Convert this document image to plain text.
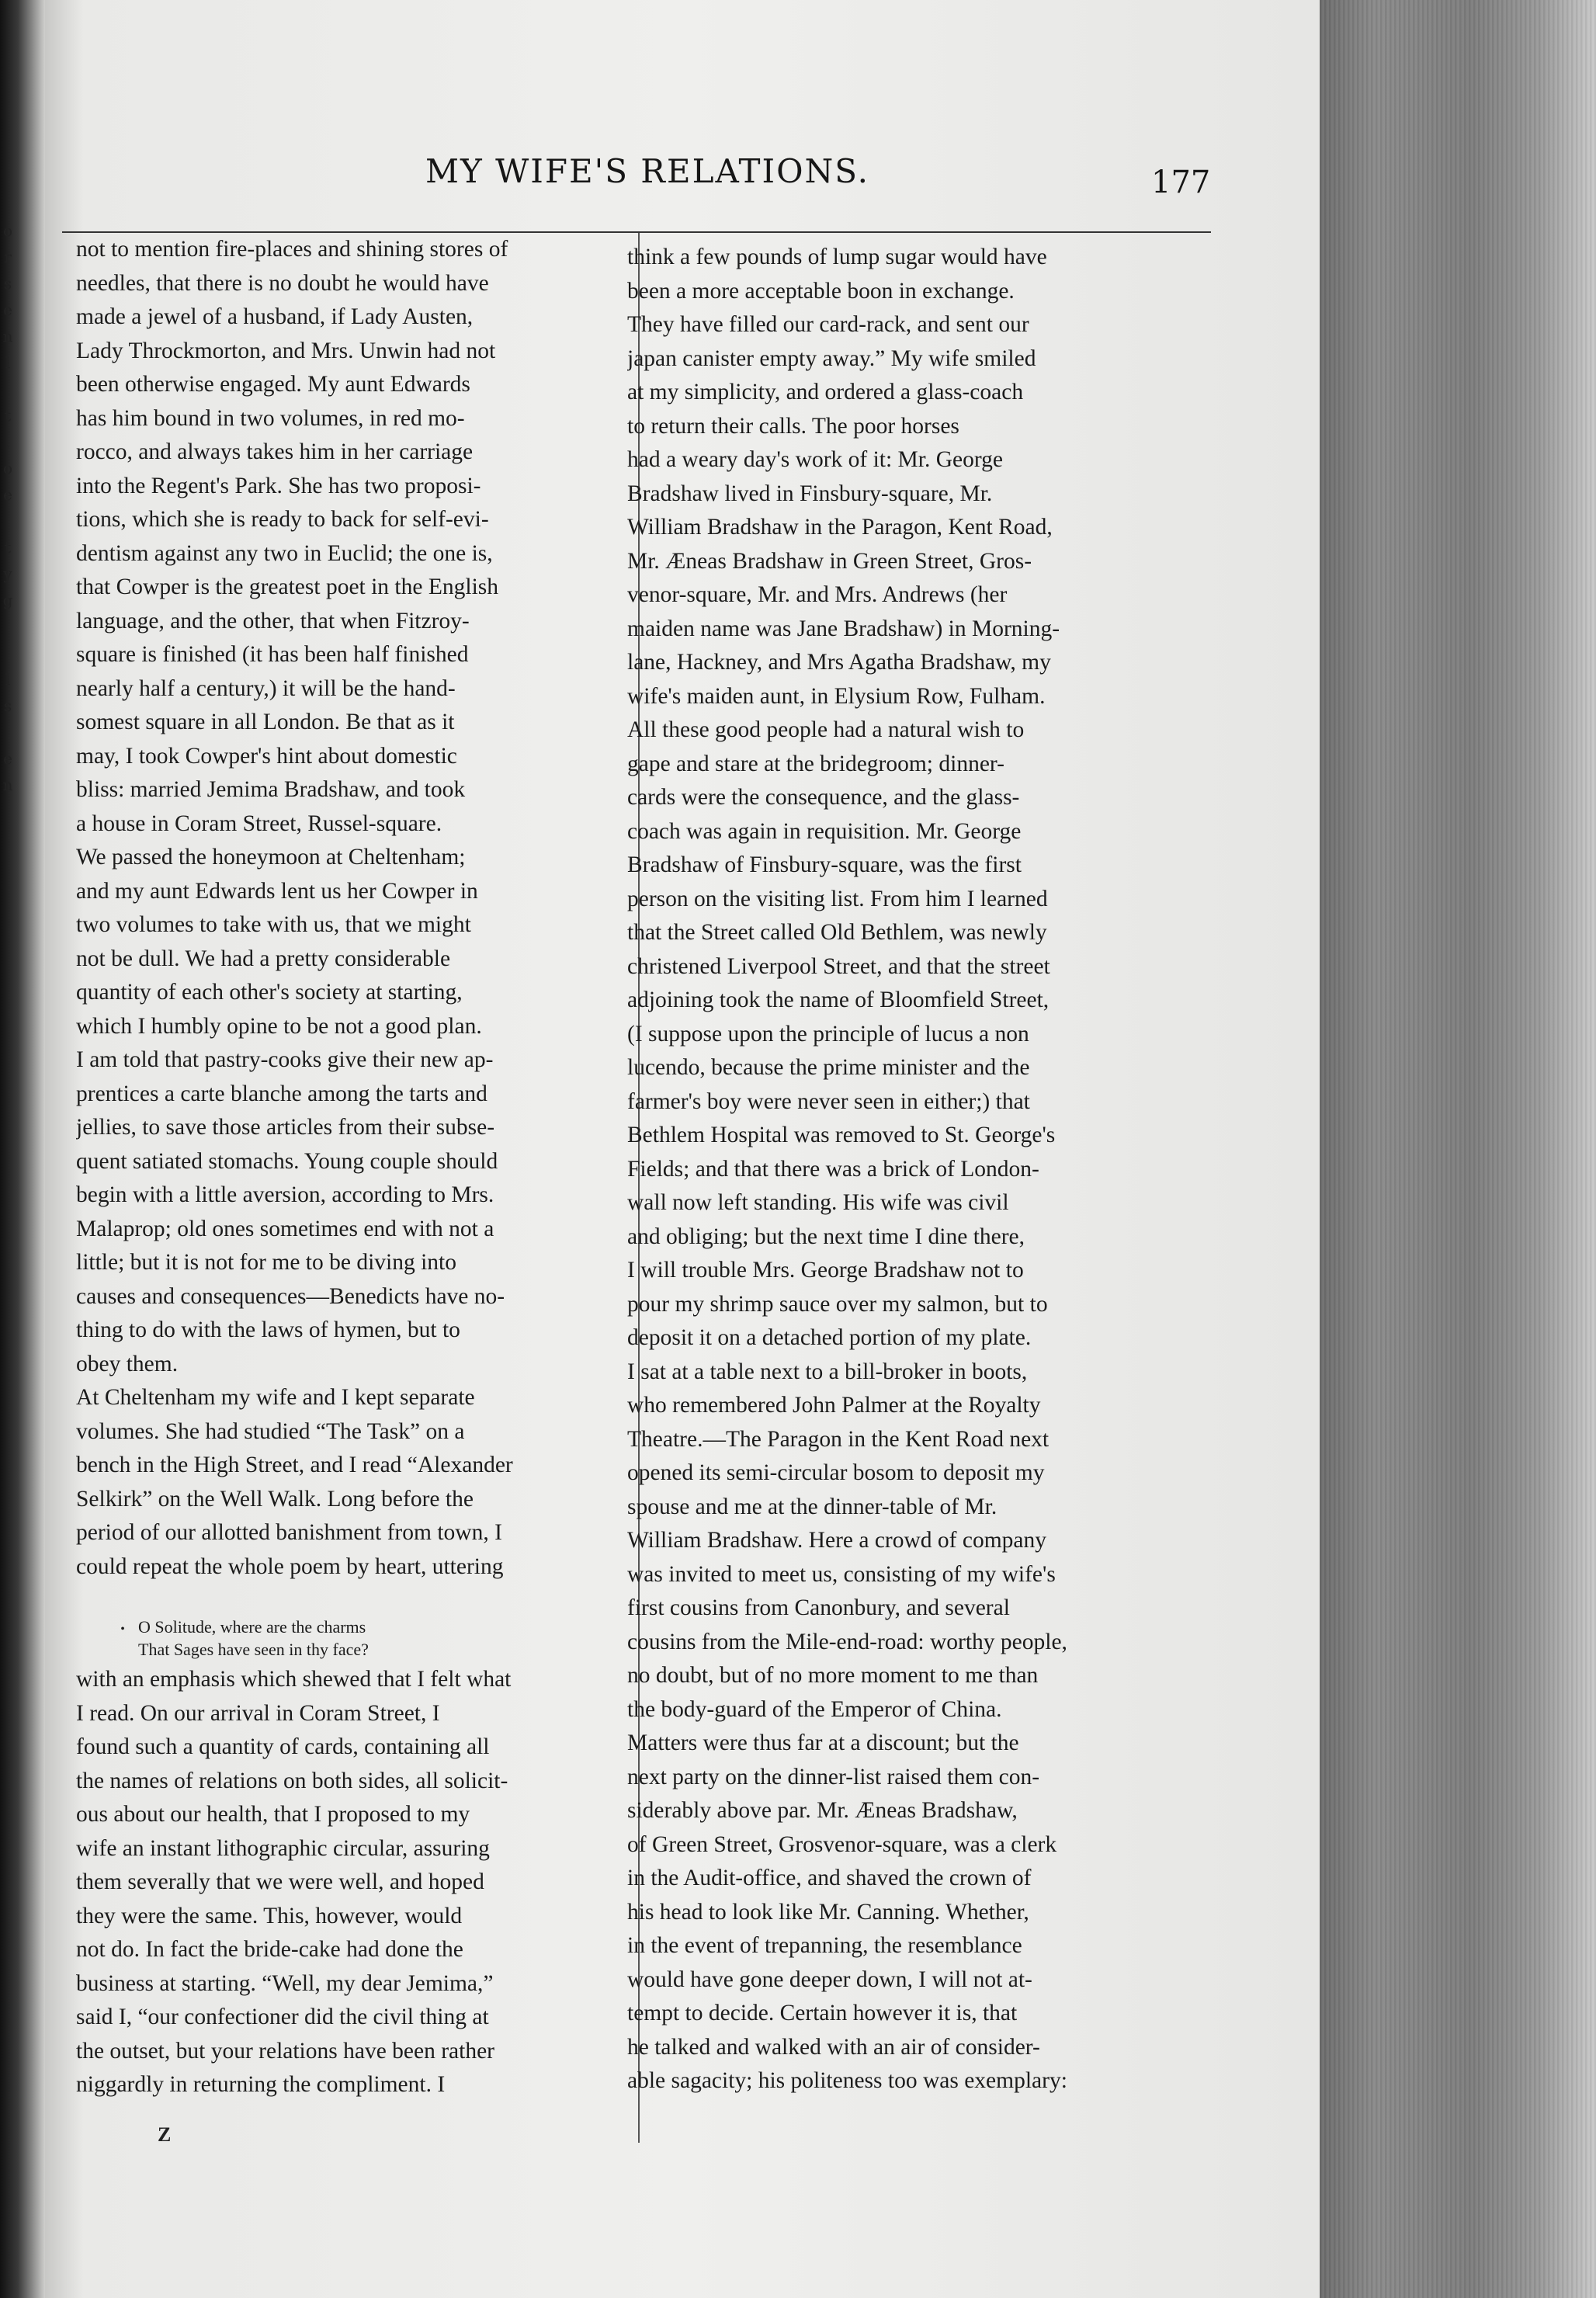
o
r
s
e
n
l
t
.
o
e
t
y
g
l
s
e
n
MY WIFE'S RELATIONS.	177
not to mention fire-places and shining stores of
needles, that there is no doubt he would have
made a jewel of a husband, if Lady Austen,
Lady Throckmorton, and Mrs. Unwin had not
been otherwise engaged. My aunt Edwards
has him bound in two volumes, in red mo-
rocco, and always takes him in her carriage
into the Regent's Park. She has two proposi-
tions, which she is ready to back for self-evi-
dentism against any two in Euclid; the one is,
that Cowper is the greatest poet in the English
language, and the other, that when Fitzroy-
square is finished (it has been half finished
nearly half a century,) it will be the hand-
somest square in all London. Be that as it
may, I took Cowper's hint about domestic
bliss: married Jemima Bradshaw, and took
a house in Coram Street, Russel-square.
We passed the honeymoon at Cheltenham;
and my aunt Edwards lent us her Cowper in
two volumes to take with us, that we might
not be dull. We had a pretty considerable
quantity of each other's society at starting,
which I humbly opine to be not a good plan.
I am told that pastry-cooks give their new ap-
prentices a carte blanche among the tarts and
jellies, to save those articles from their subse-
quent satiated stomachs. Young couple should
begin with a little aversion, according to Mrs.
Malaprop; old ones sometimes end with not a
little; but it is not for me to be diving into
causes and consequences—Benedicts have no-
thing to do with the laws of hymen, but to
obey them.
At Cheltenham my wife and I kept separate
volumes. She had studied “The Task” on a
bench in the High Street, and I read “Alexander
Selkirk” on the Well Walk. Long before the
period of our allotted banishment from town, I
could repeat the whole poem by heart, uttering
• O Solitude, where are the charms
That Sages have seen in thy face?
with an emphasis which shewed that I felt what
I read. On our arrival in Coram Street, I
found such a quantity of cards, containing all
the names of relations on both sides, all solicit-
ous about our health, that I proposed to my
wife an instant lithographic circular, assuring
them severally that we were well, and hoped
they were the same. This, however, would
not do. In fact the bride-cake had done the
business at starting. “Well, my dear Jemima,”
said I, “our confectioner did the civil thing at
the outset, but your relations have been rather
niggardly in returning the compliment. I
Z
think a few pounds of lump sugar would have
been a more acceptable boon in exchange.
They have filled our card-rack, and sent our
japan canister empty away.” My wife smiled
at my simplicity, and ordered a glass-coach
to return their calls. The poor horses
had a weary day's work of it: Mr. George
Bradshaw lived in Finsbury-square, Mr.
William Bradshaw in the Paragon, Kent Road,
Mr. Æneas Bradshaw in Green Street, Gros-
venor-square, Mr. and Mrs. Andrews (her
maiden name was Jane Bradshaw) in Morning-
lane, Hackney, and Mrs Agatha Bradshaw, my
wife's maiden aunt, in Elysium Row, Fulham.
All these good people had a natural wish to
gape and stare at the bridegroom; dinner-
cards were the consequence, and the glass-
coach was again in requisition. Mr. George
Bradshaw of Finsbury-square, was the first
person on the visiting list. From him I learned
that the Street called Old Bethlem, was newly
christened Liverpool Street, and that the street
adjoining took the name of Bloomfield Street,
(I suppose upon the principle of lucus a non
lucendo, because the prime minister and the
farmer's boy were never seen in either;) that
Bethlem Hospital was removed to St. George's
Fields; and that there was a brick of London-
wall now left standing. His wife was civil
and obliging; but the next time I dine there,
I will trouble Mrs. George Bradshaw not to
pour my shrimp sauce over my salmon, but to
deposit it on a detached portion of my plate.
I sat at a table next to a bill-broker in boots,
who remembered John Palmer at the Royalty
Theatre.—The Paragon in the Kent Road next
opened its semi-circular bosom to deposit my
spouse and me at the dinner-table of Mr.
William Bradshaw. Here a crowd of company
was invited to meet us, consisting of my wife's
first cousins from Canonbury, and several
cousins from the Mile-end-road: worthy people,
no doubt, but of no more moment to me than
the body-guard of the Emperor of China.
Matters were thus far at a discount; but the
next party on the dinner-list raised them con-
siderably above par. Mr. Æneas Bradshaw,
of Green Street, Grosvenor-square, was a clerk
in the Audit-office, and shaved the crown of
his head to look like Mr. Canning. Whether,
in the event of trepanning, the resemblance
would have gone deeper down, I will not at-
tempt to decide. Certain however it is, that
he talked and walked with an air of consider-
able sagacity; his politeness too was exemplary:
